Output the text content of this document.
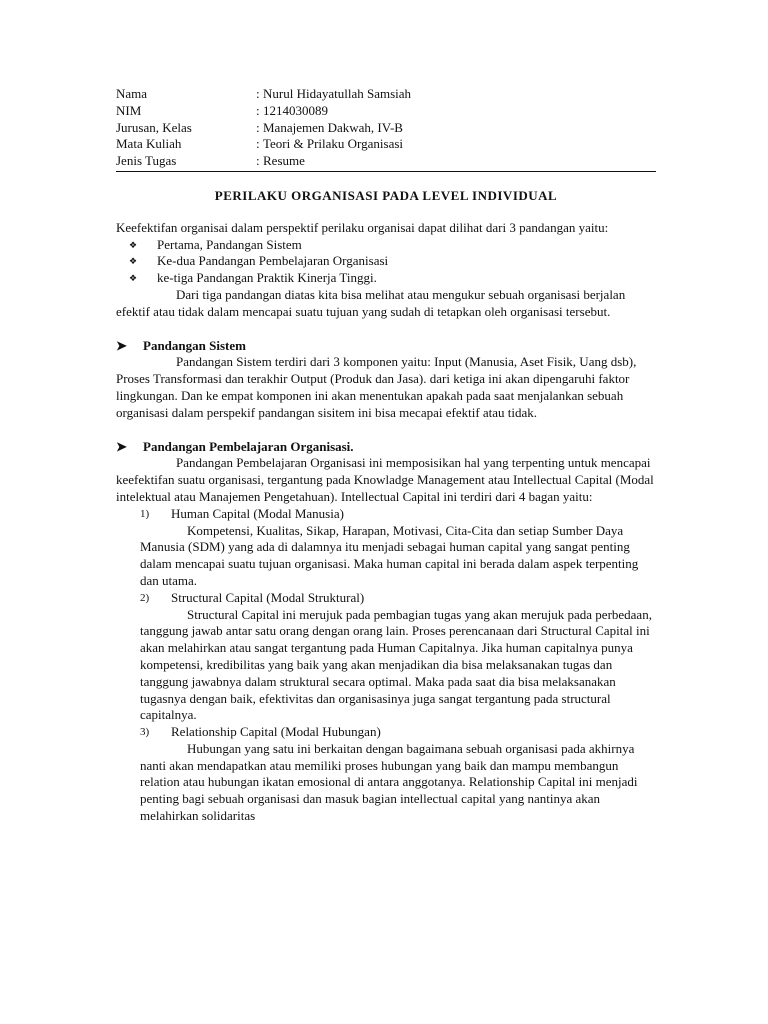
Nama	: Nurul Hidayatullah Samsiah
NIM	: 1214030089
Jurusan, Kelas	: Manajemen Dakwah, IV-B
Mata Kuliah	: Teori & Prilaku Organisasi
Jenis Tugas	: Resume
PERILAKU ORGANISASI PADA LEVEL INDIVIDUAL

Keefektifan organisai dalam perspektif perilaku organisai dapat dilihat dari 3 pandangan yaitu:

❖	Pertama, Pandangan Sistem
❖	Ke-dua Pandangan Pembelajaran Organisasi
❖	ke-tiga Pandangan Praktik Kinerja Tinggi.

Dari tiga pandangan diatas kita bisa melihat atau mengukur sebuah organisasi berjalan efektif atau tidak dalam mencapai suatu tujuan yang sudah di tetapkan oleh organisasi tersebut.

➤	Pandangan Sistem

Pandangan Sistem terdiri dari 3 komponen yaitu: Input (Manusia, Aset Fisik, Uang dsb), Proses Transformasi dan terakhir Output (Produk dan Jasa). dari ketiga ini akan dipengaruhi faktor lingkungan. Dan ke empat komponen ini akan menentukan apakah pada saat menjalankan sebuah organisasi dalam perspekif pandangan sisitem ini bisa mecapai efektif atau tidak.

➤	Pandangan Pembelajaran Organisasi.

Pandangan Pembelajaran Organisasi ini memposisikan hal yang terpenting untuk mencapai keefektifan suatu organisasi, tergantung pada Knowladge Management atau Intellectual Capital (Modal intelektual atau Manajemen Pengetahuan). Intellectual Capital ini terdiri dari 4 bagan yaitu:

1)	Human Capital (Modal Manusia)

Kompetensi, Kualitas, Sikap, Harapan, Motivasi, Cita-Cita dan setiap Sumber Daya Manusia (SDM) yang ada di dalamnya itu menjadi sebagai human capital yang sangat penting dalam mencapai suatu tujuan organisasi. Maka human capital ini berada dalam aspek terpenting dan utama.

2)	Structural Capital (Modal Struktural)

Structural Capital ini merujuk pada pembagian tugas yang akan merujuk pada perbedaan, tanggung jawab antar satu orang dengan orang lain. Proses perencanaan dari Structural Capital ini akan melahirkan atau sangat tergantung pada Human Capitalnya. Jika human capitalnya punya kompetensi, kredibilitas yang baik yang akan menjadikan dia bisa melaksanakan tugas dan tanggung jawabnya dalam struktural secara optimal. Maka pada saat dia bisa melaksanakan tugasnya dengan baik, efektivitas dan organisasinya juga sangat tergantung pada structural capitalnya.

3)	Relationship Capital (Modal Hubungan)

Hubungan yang satu ini berkaitan dengan bagaimana sebuah organisasi pada akhirnya nanti akan mendapatkan atau memiliki proses hubungan yang baik dan mampu membangun relation atau hubungan ikatan emosional di antara anggotanya. Relationship Capital ini menjadi penting bagi sebuah organisasi dan masuk bagian intellectual capital yang nantinya akan melahirkan solidaritas
